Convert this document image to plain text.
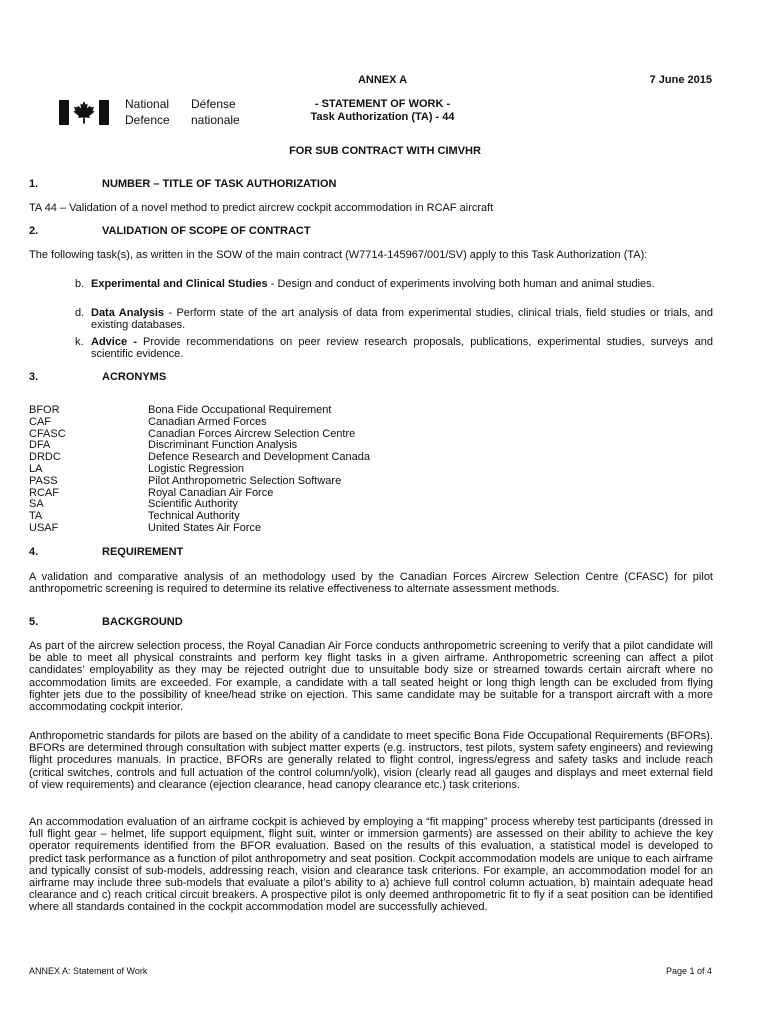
National
Defence
Défense
nationale
ANNEX A	7 June 2015
- STATEMENT OF WORK -
Task Authorization (TA) - 44
FOR SUB CONTRACT WITH CIMVHR
1.	NUMBER – TITLE OF TASK AUTHORIZATION
TA 44 – Validation of a novel method to predict aircrew cockpit accommodation in RCAF aircraft
2.	VALIDATION OF SCOPE OF CONTRACT
The following task(s), as written in the SOW of the main contract (W7714-145967/001/SV) apply to this Task Authorization (TA):
b. Experimental and Clinical Studies - Design and conduct of experiments involving both human and animal studies.
d. Data Analysis - Perform state of the art analysis of data from experimental studies, clinical trials, field studies or trials, and existing databases.
k. Advice - Provide recommendations on peer review research proposals, publications, experimental studies, surveys and scientific evidence.
3.	ACRONYMS
BFOR	Bona Fide Occupational Requirement
CAF	Canadian Armed Forces
CFASC	Canadian Forces Aircrew Selection Centre
DFA	Discriminant Function Analysis
DRDC	Defence Research and Development Canada
LA	Logistic Regression
PASS	Pilot Anthropometric Selection Software
RCAF	Royal Canadian Air Force
SA	Scientific Authority
TA	Technical Authority
USAF	United States Air Force
4.	REQUIREMENT
A validation and comparative analysis of an methodology used by the Canadian Forces Aircrew Selection Centre (CFASC) for pilot anthropometric screening is required to determine its relative effectiveness to alternate assessment methods.
5.	BACKGROUND
As part of the aircrew selection process, the Royal Canadian Air Force conducts anthropometric screening to verify that a pilot candidate will be able to meet all physical constraints and perform key flight tasks in a given airframe. Anthropometric screening can affect a pilot candidates’ employability as they may be rejected outright due to unsuitable body size or streamed towards certain aircraft where no accommodation limits are exceeded. For example, a candidate with a tall seated height or long thigh length can be excluded from flying fighter jets due to the possibility of knee/head strike on ejection. This same candidate may be suitable for a transport aircraft with a more accommodating cockpit interior.
Anthropometric standards for pilots are based on the ability of a candidate to meet specific Bona Fide Occupational Requirements (BFORs). BFORs are determined through consultation with subject matter experts (e.g. instructors, test pilots, system safety engineers) and reviewing flight procedures manuals. In practice, BFORs are generally related to flight control, ingress/egress and safety tasks and include reach (critical switches, controls and full actuation of the control column/yolk), vision (clearly read all gauges and displays and meet external field of view requirements) and clearance (ejection clearance, head canopy clearance etc.) task criterions.
An accommodation evaluation of an airframe cockpit is achieved by employing a “fit mapping” process whereby test participants (dressed in full flight gear – helmet, life support equipment, flight suit, winter or immersion garments) are assessed on their ability to achieve the key operator requirements identified from the BFOR evaluation. Based on the results of this evaluation, a statistical model is developed to predict task performance as a function of pilot anthropometry and seat position. Cockpit accommodation models are unique to each airframe and typically consist of sub-models, addressing reach, vision and clearance task criterions. For example, an accommodation model for an airframe may include three sub-models that evaluate a pilot’s ability to a) achieve full control column actuation, b) maintain adequate head clearance and c) reach critical circuit breakers. A prospective pilot is only deemed anthropometric fit to fly if a seat position can be identified where all standards contained in the cockpit accommodation model are successfully achieved.
ANNEX A: Statement of Work	Page 1 of 4
